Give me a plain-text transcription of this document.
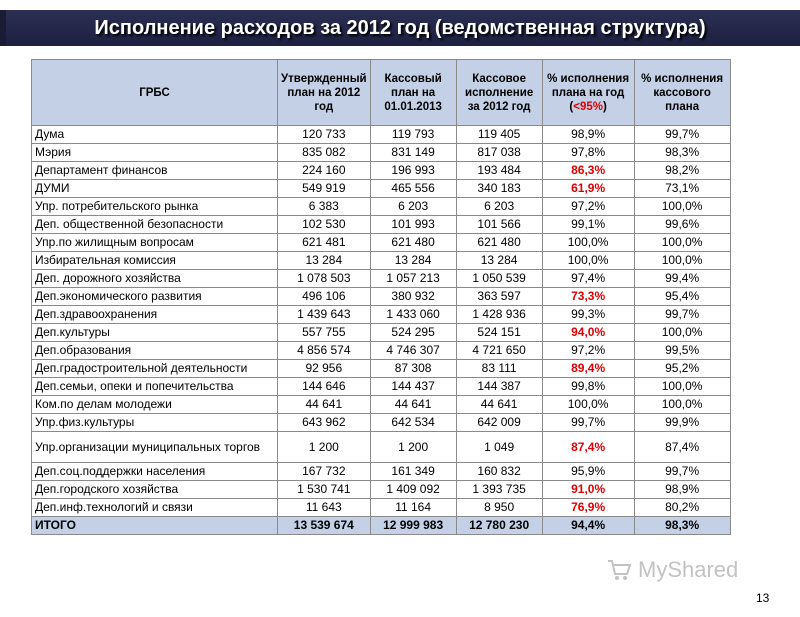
Исполнение расходов за 2012 год (ведомственная структура)
ГРБС	Утвержденный план на 2012 год	Кассовый план на 01.01.2013	Кассовое исполнение за 2012 год	% исполнения плана на год (<95%)	% исполнения кассового плана
Дума	120 733	119 793	119 405	98,9%	99,7%
Мэрия	835 082	831 149	817 038	97,8%	98,3%
Департамент финансов	224 160	196 993	193 484	86,3%	98,2%
ДУМИ	549 919	465 556	340 183	61,9%	73,1%
Упр. потребительского рынка	6 383	6 203	6 203	97,2%	100,0%
Деп. общественной безопасности	102 530	101 993	101 566	99,1%	99,6%
Упр.по жилищным вопросам	621 481	621 480	621 480	100,0%	100,0%
Избирательная комиссия	13 284	13 284	13 284	100,0%	100,0%
Деп. дорожного хозяйства	1 078 503	1 057 213	1 050 539	97,4%	99,4%
Деп.экономического развития	496 106	380 932	363 597	73,3%	95,4%
Деп.здравоохранения	1 439 643	1 433 060	1 428 936	99,3%	99,7%
Деп.культуры	557 755	524 295	524 151	94,0%	100,0%
Деп.образования	4 856 574	4 746 307	4 721 650	97,2%	99,5%
Деп.градостроительной деятельности	92 956	87 308	83 111	89,4%	95,2%
Деп.семьи, опеки и попечительства	144 646	144 437	144 387	99,8%	100,0%
Ком.по делам молодежи	44 641	44 641	44 641	100,0%	100,0%
Упр.физ.культуры	643 962	642 534	642 009	99,7%	99,9%
Упр.организации муниципальных торгов	1 200	1 200	1 049	87,4%	87,4%
Деп.соц.поддержки населения	167 732	161 349	160 832	95,9%	99,7%
Деп.городского хозяйства	1 530 741	1 409 092	1 393 735	91,0%	98,9%
Деп.инф.технологий и связи	11 643	11 164	8 950	76,9%	80,2%
ИТОГО	13 539 674	12 999 983	12 780 230	94,4%	98,3%
MyShared
13
